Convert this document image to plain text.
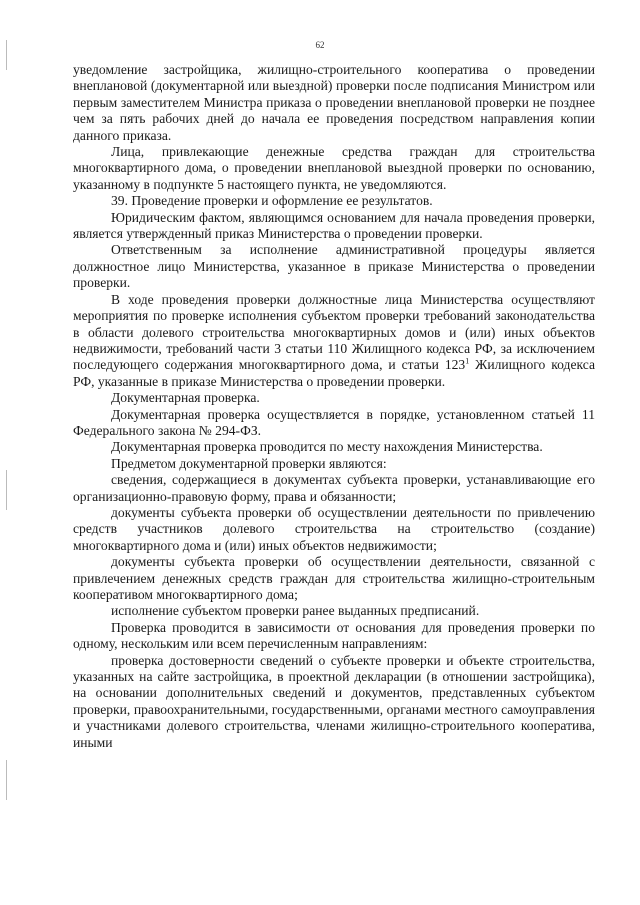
62

уведомление застройщика, жилищно-строительного кооператива о проведении внеплановой (документарной или выездной) проверки после подписания Министром или первым заместителем Министра приказа о проведении внеплановой проверки не позднее чем за пять рабочих дней до начала ее проведения посредством направления копии данного приказа.

Лица, привлекающие денежные средства граждан для строительства многоквартирного дома, о проведении внеплановой выездной проверки по основанию, указанному в подпункте 5 настоящего пункта, не уведомляются.

39. Проведение проверки и оформление ее результатов.

Юридическим фактом, являющимся основанием для начала проведения проверки, является утвержденный приказ Министерства о проведении проверки.

Ответственным за исполнение административной процедуры является должностное лицо Министерства, указанное в приказе Министерства о проведении проверки.

В ходе проведения проверки должностные лица Министерства осуществляют мероприятия по проверке исполнения субъектом проверки требований законодательства в области долевого строительства многоквартирных домов и (или) иных объектов недвижимости, требований части 3 статьи 110 Жилищного кодекса РФ, за исключением последующего содержания многоквартирного дома, и статьи $123^1$ Жилищного кодекса РФ, указанные в приказе Министерства о проведении проверки.

Документарная проверка.

Документарная проверка осуществляется в порядке, установленном статьей 11 Федерального закона № 294-ФЗ.

Документарная проверка проводится по месту нахождения Министерства.

Предметом документарной проверки являются:

сведения, содержащиеся в документах субъекта проверки, устанавливающие его организационно-правовую форму, права и обязанности;

документы субъекта проверки об осуществлении деятельности по привлечению средств участников долевого строительства на строительство (создание) многоквартирного дома и (или) иных объектов недвижимости;

документы субъекта проверки об осуществлении деятельности, связанной с привлечением денежных средств граждан для строительства жилищно-строительным кооперативом многоквартирного дома;

исполнение субъектом проверки ранее выданных предписаний.

Проверка проводится в зависимости от основания для проведения проверки по одному, нескольким или всем перечисленным направлениям:

проверка достоверности сведений о субъекте проверки и объекте строительства, указанных на сайте застройщика, в проектной декларации (в отношении застройщика), на основании дополнительных сведений и документов, представленных субъектом проверки, правоохранительными, государственными, органами местного самоуправления и участниками долевого строительства, членами жилищно-строительного кооператива, иными
